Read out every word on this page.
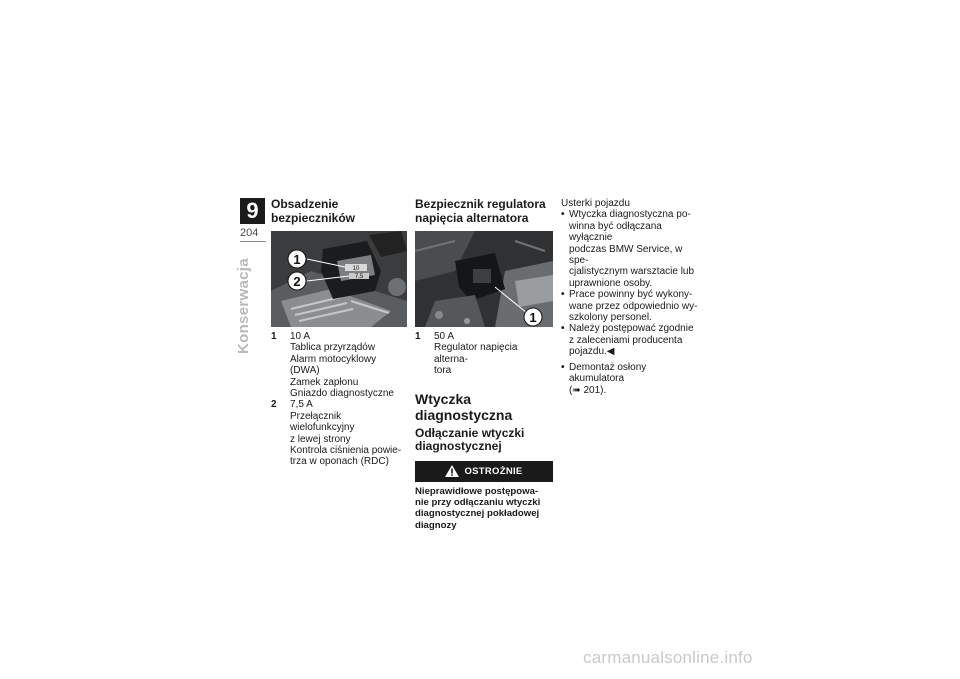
9
204
Konserwacja
Obsadzenie
bezpieczników
1
2
10
7,5
1	10 A
Tablica przyrządów
Alarm motocyklowy (DWA)
Zamek zapłonu
Gniazdo diagnostyczne
2	7,5 A
Przełącznik wielofunkcyjny
z lewej strony
Kontrola ciśnienia powie-
trza w oponach (RDC)
Bezpiecznik regulatora
napięcia alternatora
1
1	50 A
Regulator napięcia alterna-
tora
Wtyczka diagnostyczna
Odłączanie wtyczki
diagnostycznej
OSTROŻNIE
Nieprawidłowe postępowa-
nie przy odłączaniu wtyczki
diagnostycznej pokładowej
diagnozy
Usterki pojazdu
• Wtyczka diagnostyczna po-
winna być odłączana wyłącznie
podczas BMW Service, w spe-
cjalistycznym warsztacie lub
uprawnione osoby.
• Prace powinny być wykony-
wane przez odpowiednio wy-
szkolony personel.
• Należy postępować zgodnie
z zaleceniami producenta
pojazdu.◀
• Demontaż osłony akumulatora
(➠ 201).
carmanualsonline.info
